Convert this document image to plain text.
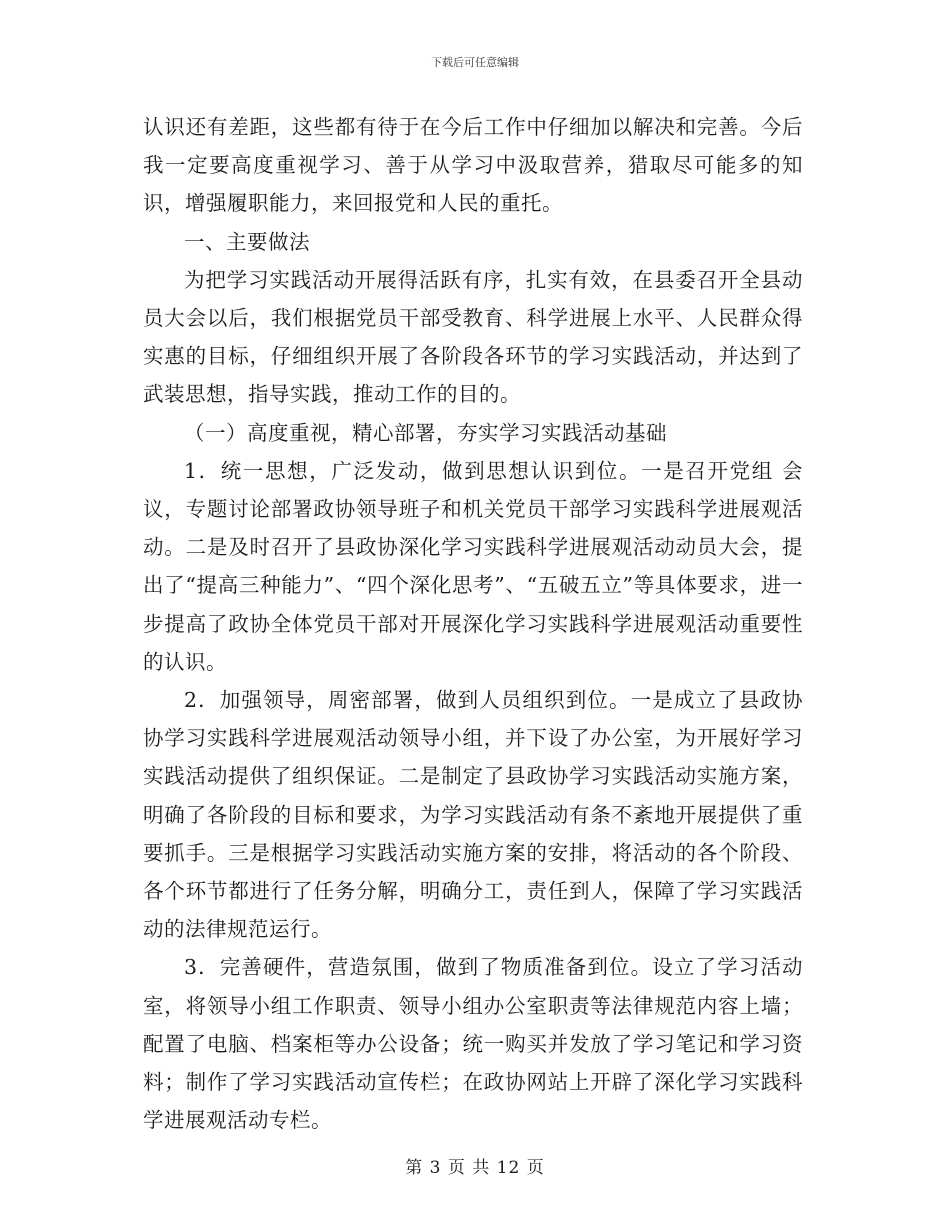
下载后可任意编辑

认识还有差距，这些都有待于在今后工作中仔细加以解决和完善。今后我一定要高度重视学习、善于从学习中汲取营养，猎取尽可能多的知识，增强履职能力，来回报党和人民的重托。

一、主要做法

为把学习实践活动开展得活跃有序，扎实有效，在县委召开全县动员大会以后，我们根据党员干部受教育、科学进展上水平、人民群众得实惠的目标，仔细组织开展了各阶段各环节的学习实践活动，并达到了武装思想，指导实践，推动工作的目的。

（一）高度重视，精心部署，夯实学习实践活动基础

1．统一思想，广泛发动，做到思想认识到位。一是召开党组 会议，专题讨论部署政协领导班子和机关党员干部学习实践科学进展观活动。二是及时召开了县政协深化学习实践科学进展观活动动员大会，提出了“提高三种能力”、“四个深化思考”、“五破五立”等具体要求，进一步提高了政协全体党员干部对开展深化学习实践科学进展观活动重要性的认识。

2．加强领导，周密部署，做到人员组织到位。一是成立了县政协协学习实践科学进展观活动领导小组，并下设了办公室，为开展好学习实践活动提供了组织保证。二是制定了县政协学习实践活动实施方案，明确了各阶段的目标和要求，为学习实践活动有条不紊地开展提供了重要抓手。三是根据学习实践活动实施方案的安排，将活动的各个阶段、各个环节都进行了任务分解，明确分工，责任到人，保障了学习实践活动的法律规范运行。

3．完善硬件，营造氛围，做到了物质准备到位。设立了学习活动室，将领导小组工作职责、领导小组办公室职责等法律规范内容上墙；配置了电脑、档案柜等办公设备；统一购买并发放了学习笔记和学习资料；制作了学习实践活动宣传栏；在政协网站上开辟了深化学习实践科学进展观活动专栏。

第 3 页 共 12 页
